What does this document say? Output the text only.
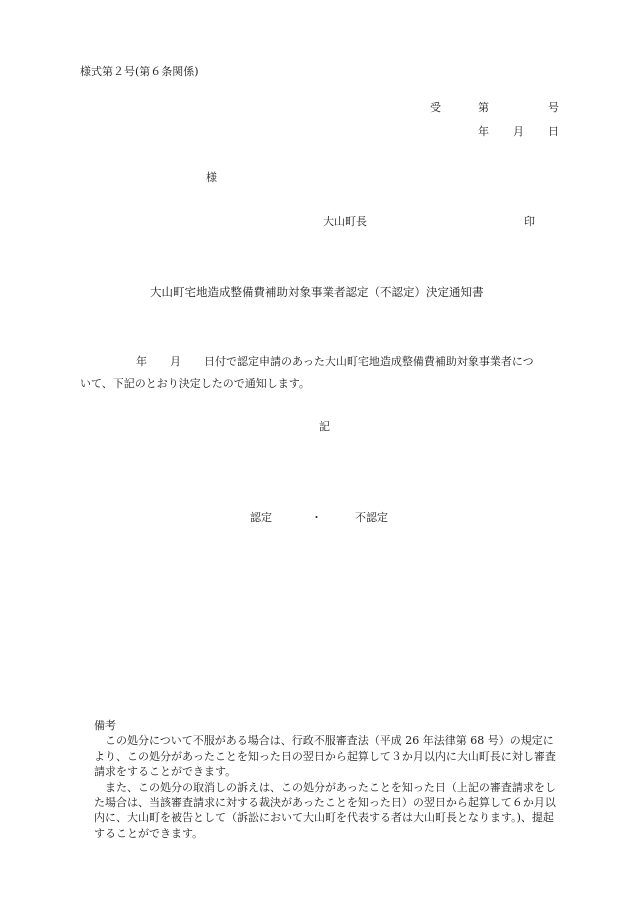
様式第２号(第６条関係)
受	第	号
年 月 日
様
大山町長	印
大山町宅地造成整備費補助対象事業者認定（不認定）決定通知書
年 月 日付で認定申請のあった大山町宅地造成整備費補助対象事業者につ
いて、下記のとおり決定したので通知します。
記
認定	・	不認定
備考

この処分について不服がある場合は、行政不服審査法（平成 26 年法律第 68 号）の規定により、この処分があったことを知った日の翌日から起算して３か月以内に大山町長に対し審査請求をすることができます。

また、この処分の取消しの訴えは、この処分があったことを知った日（上記の審査請求をした場合は、当該審査請求に対する裁決があったことを知った日）の翌日から起算して６か月以内に、大山町を被告として（訴訟において大山町を代表する者は大山町長となります。)、提起することができます。
